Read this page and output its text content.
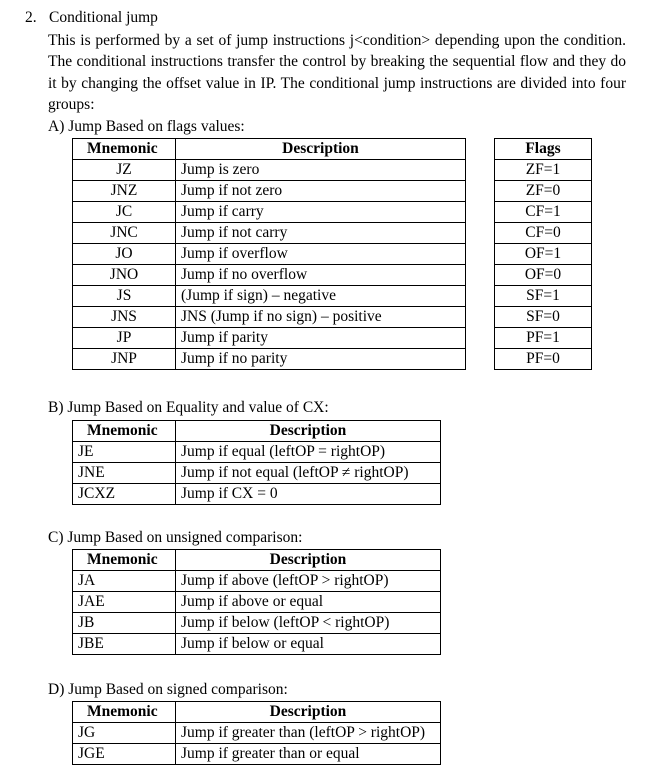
2. Conditional jump
This is performed by a set of jump instructions j<condition> depending upon the condition. The conditional instructions transfer the control by breaking the sequential flow and they do it by changing the offset value in IP. The conditional jump instructions are divided into four groups:
A) Jump Based on flags values:
Mnemonic	Description		Flags
JZ	Jump is zero		ZF=1
JNZ	Jump if not zero		ZF=0
JC	Jump if carry		CF=1
JNC	Jump if not carry		CF=0
JO	Jump if overflow		OF=1
JNO	Jump if no overflow		OF=0
JS	(Jump if sign) – negative		SF=1
JNS	JNS (Jump if no sign) – positive		SF=0
JP	Jump if parity		PF=1
JNP	Jump if no parity		PF=0
B) Jump Based on Equality and value of CX:
Mnemonic	Description
JE	Jump if equal (leftOP = rightOP)
JNE	Jump if not equal (leftOP ≠ rightOP)
JCXZ	Jump if CX = 0
C) Jump Based on unsigned comparison:
Mnemonic	Description
JA	Jump if above (leftOP > rightOP)
JAE	Jump if above or equal
JB	Jump if below (leftOP < rightOP)
JBE	Jump if below or equal
D) Jump Based on signed comparison:
Mnemonic	Description
JG	Jump if greater than (leftOP > rightOP)
JGE	Jump if greater than or equal
